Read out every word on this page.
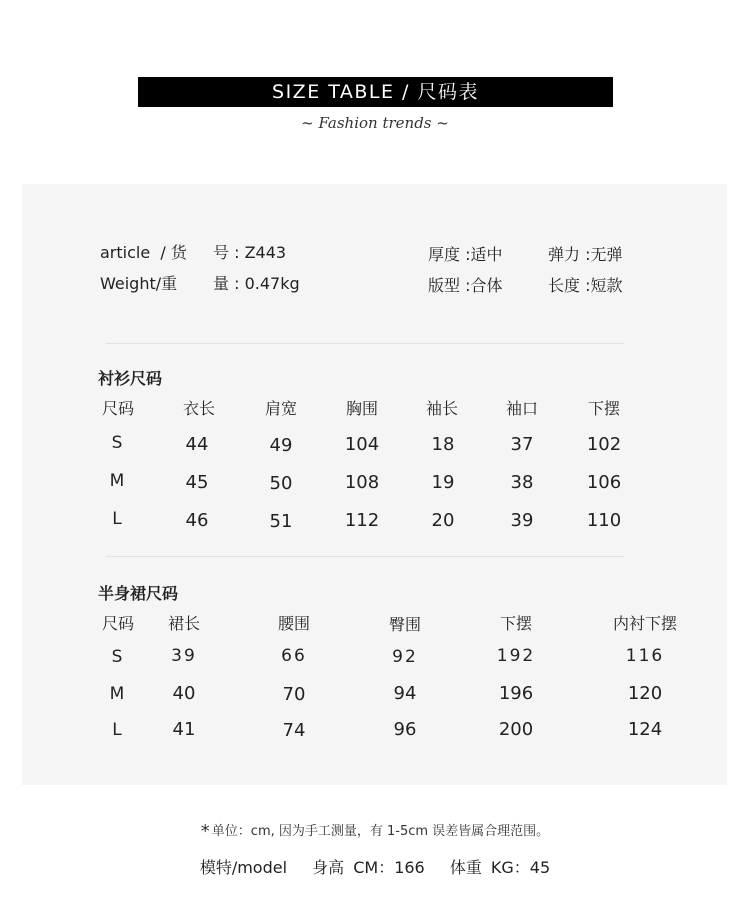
SIZE TABLE / 尺码表
~ Fashion trends ~
article  / 货 号 : Z443
Weight/重 量 : 0.47kg
厚度 :适中	弹力 :无弹
版型 :合体	长度 :短款
衬衫尺码
尺码	衣长	肩宽	胸围	袖长	袖口	下摆
S	44	49	104	18	37	102
M	45	50	108	19	38	106
L	46	51	112	20	39	110
半身裙尺码
尺码	裙长	腰围	臀围	下摆	内衬下摆
S	39	66	92	192	116
M	40	70	94	196	120
L	41	74	96	200	124
* 单位：cm, 因为手工测量，有 1-5cm 误差皆属合理范围。
模特/model 身高 CM：166 体重 KG：45
